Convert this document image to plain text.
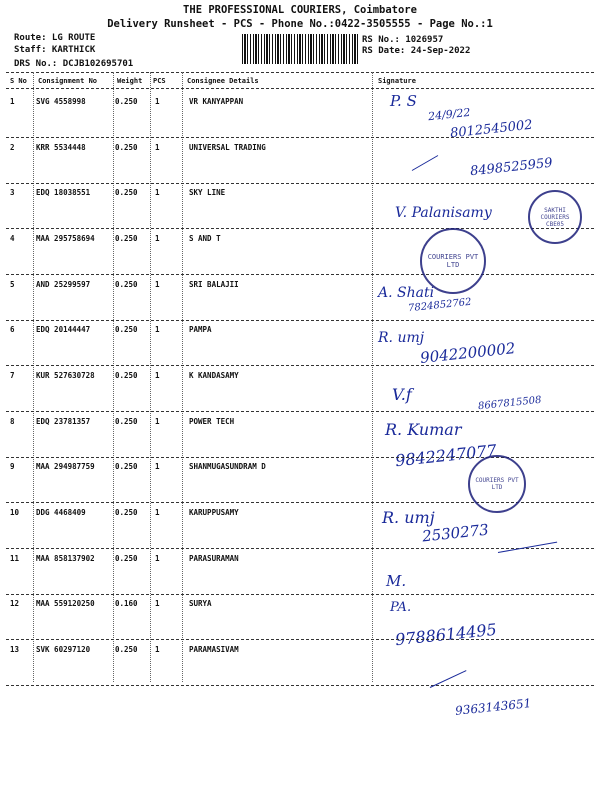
THE PROFESSIONAL COURIERS, Coimbatore
Delivery Runsheet - PCS - Phone No.:0422-3505555 - Page No.:1
Route: LG ROUTE
Staff: KARTHICK
DRS No.: DCJB102695701
RS No.: 1026957
RS Date: 24-Sep-2022
S No Consignment No	Weight PCS	Consignee Details	Signature
1	SVG 4558998	0.250 1	VR KANYAPPAN	P. S
24/9/22
8012545002
2	KRR 5534448	0.250 1	UNIVERSAL TRADING
8498525959
3	EDQ 18038551	0.250 1	SKY LINE
V. Palanisamy
4	MAA 295758694	0.250 1	S AND T
5	AND 25299597	0.250 1	SRI BALAJII
A. Shati
7824852762
6	EDQ 20144447	0.250 1	PAMPA
R. umj
9042200002
7	KUR 527630728	0.250 1	K KANDASAMY
V.f	8667815508
8	EDQ 23781357	0.250 1	POWER TECH	R. Kumar
9842247077
9	MAA 294987759	0.250 1	SHANMUGASUNDRAM D
10 DDG 4468409	0.250 1	KARUPPUSAMY	R. umj
2530273
11 MAA 858137902	0.250 1	PARASURAMAN
M.
12 MAA 559120250	0.160 1	SURYA	PA.
9788614495
13 SVK 60297120	0.250 1	PARAMASIVAM
9363143651
SAKTHI COURIERS CBE05
COURIERS PVT LTD
COURIERS PVT LTD
